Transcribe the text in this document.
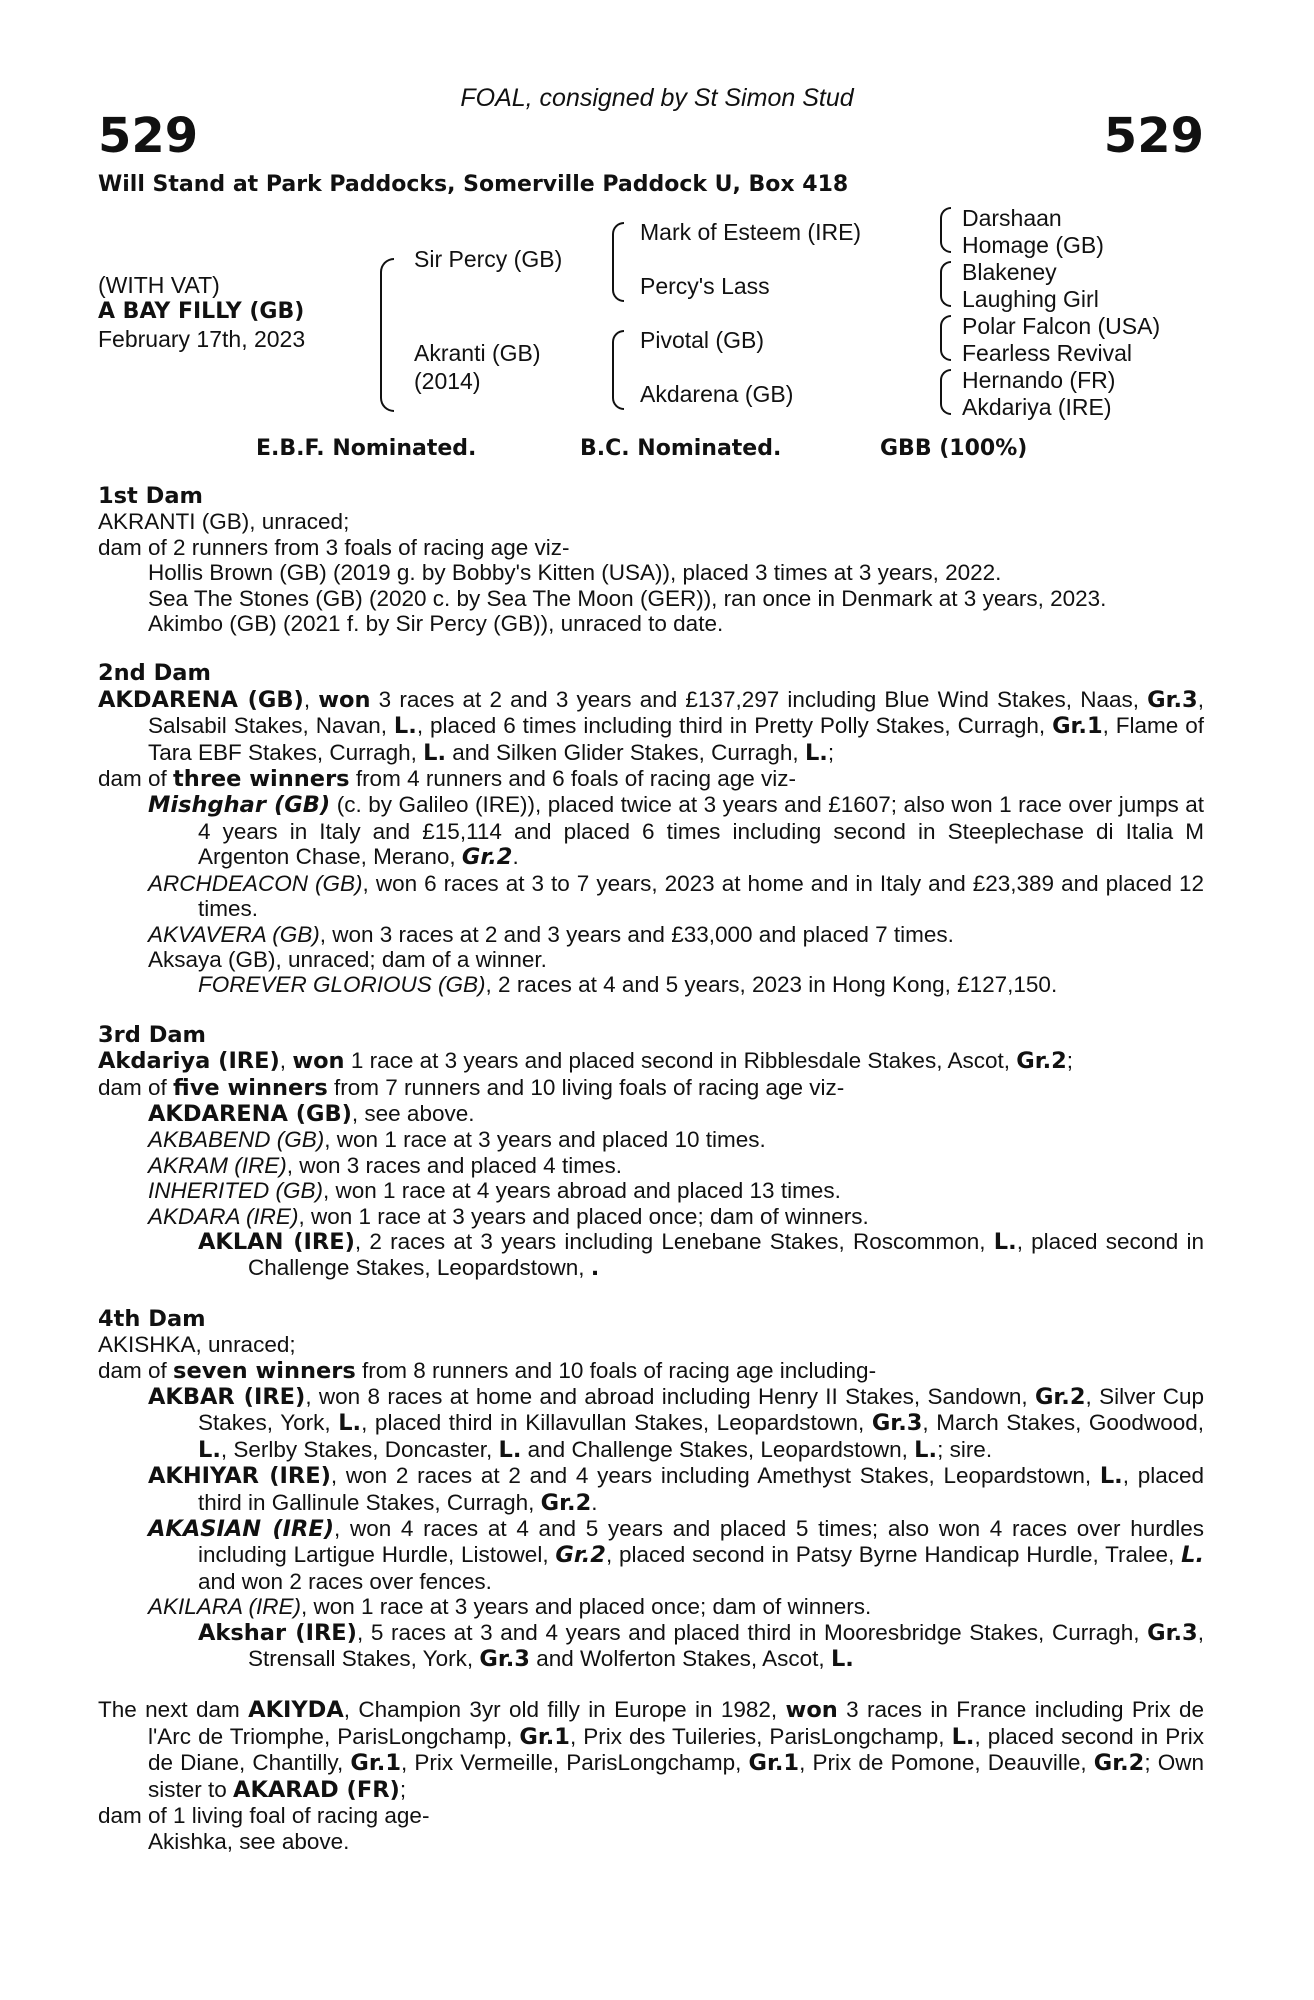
FOAL, consigned by St Simon Stud
529	529
Will Stand at Park Paddocks, Somerville Paddock U, Box 418
(WITH VAT)
A BAY FILLY (GB)
February 17th, 2023
Sir Percy (GB)
Akranti (GB)
(2014)
Mark of Esteem (IRE)
Percy's Lass
Pivotal (GB)
Akdarena (GB)
Darshaan
Homage (GB)
Blakeney
Laughing Girl
Polar Falcon (USA)
Fearless Revival
Hernando (FR)
Akdariya (IRE)
E.B.F. Nominated.	B.C. Nominated.	GBB (100%)

1st Dam

AKRANTI (GB), unraced;

dam of 2 runners from 3 foals of racing age viz-

Hollis Brown (GB) (2019 g. by Bobby's Kitten (USA)), placed 3 times at 3 years, 2022.

Sea The Stones (GB) (2020 c. by Sea The Moon (GER)), ran once in Denmark at 3 years, 2023.

Akimbo (GB) (2021 f. by Sir Percy (GB)), unraced to date.

2nd Dam

AKDARENA (GB), won 3 races at 2 and 3 years and £137,297 including Blue Wind Stakes, Naas, Gr.3, Salsabil Stakes, Navan, L., placed 6 times including third in Pretty Polly Stakes, Curragh, Gr.1, Flame of Tara EBF Stakes, Curragh, L. and Silken Glider Stakes, Curragh, L.;

dam of three winners from 4 runners and 6 foals of racing age viz-

Mishghar (GB) (c. by Galileo (IRE)), placed twice at 3 years and £1607; also won 1 race over jumps at 4 years in Italy and £15,114 and placed 6 times including second in Steeplechase di Italia M Argenton Chase, Merano, Gr.2.

ARCHDEACON (GB), won 6 races at 3 to 7 years, 2023 at home and in Italy and £23,389 and placed 12 times.

AKVAVERA (GB), won 3 races at 2 and 3 years and £33,000 and placed 7 times.

Aksaya (GB), unraced; dam of a winner.

FOREVER GLORIOUS (GB), 2 races at 4 and 5 years, 2023 in Hong Kong, £127,150.

3rd Dam

Akdariya (IRE), won 1 race at 3 years and placed second in Ribblesdale Stakes, Ascot, Gr.2;

dam of five winners from 7 runners and 10 living foals of racing age viz-

AKDARENA (GB), see above.

AKBABEND (GB), won 1 race at 3 years and placed 10 times.

AKRAM (IRE), won 3 races and placed 4 times.

INHERITED (GB), won 1 race at 4 years abroad and placed 13 times.

AKDARA (IRE), won 1 race at 3 years and placed once; dam of winners.

AKLAN (IRE), 2 races at 3 years including Lenebane Stakes, Roscommon, L., placed second in Challenge Stakes, Leopardstown, .

4th Dam

AKISHKA, unraced;

dam of seven winners from 8 runners and 10 foals of racing age including-

AKBAR (IRE), won 8 races at home and abroad including Henry II Stakes, Sandown, Gr.2, Silver Cup Stakes, York, L., placed third in Killavullan Stakes, Leopardstown, Gr.3, March Stakes, Goodwood, L., Serlby Stakes, Doncaster, L. and Challenge Stakes, Leopardstown, L.; sire.

AKHIYAR (IRE), won 2 races at 2 and 4 years including Amethyst Stakes, Leopardstown, L., placed third in Gallinule Stakes, Curragh, Gr.2.

AKASIAN (IRE), won 4 races at 4 and 5 years and placed 5 times; also won 4 races over hurdles including Lartigue Hurdle, Listowel, Gr.2, placed second in Patsy Byrne Handicap Hurdle, Tralee, L. and won 2 races over fences.

AKILARA (IRE), won 1 race at 3 years and placed once; dam of winners.

Akshar (IRE), 5 races at 3 and 4 years and placed third in Mooresbridge Stakes, Curragh, Gr.3, Strensall Stakes, York, Gr.3 and Wolferton Stakes, Ascot, L.

The next dam AKIYDA, Champion 3yr old filly in Europe in 1982, won 3 races in France including Prix de l'Arc de Triomphe, ParisLongchamp, Gr.1, Prix des Tuileries, ParisLongchamp, L., placed second in Prix de Diane, Chantilly, Gr.1, Prix Vermeille, ParisLongchamp, Gr.1, Prix de Pomone, Deauville, Gr.2; Own sister to AKARAD (FR);

dam of 1 living foal of racing age-

Akishka, see above.
